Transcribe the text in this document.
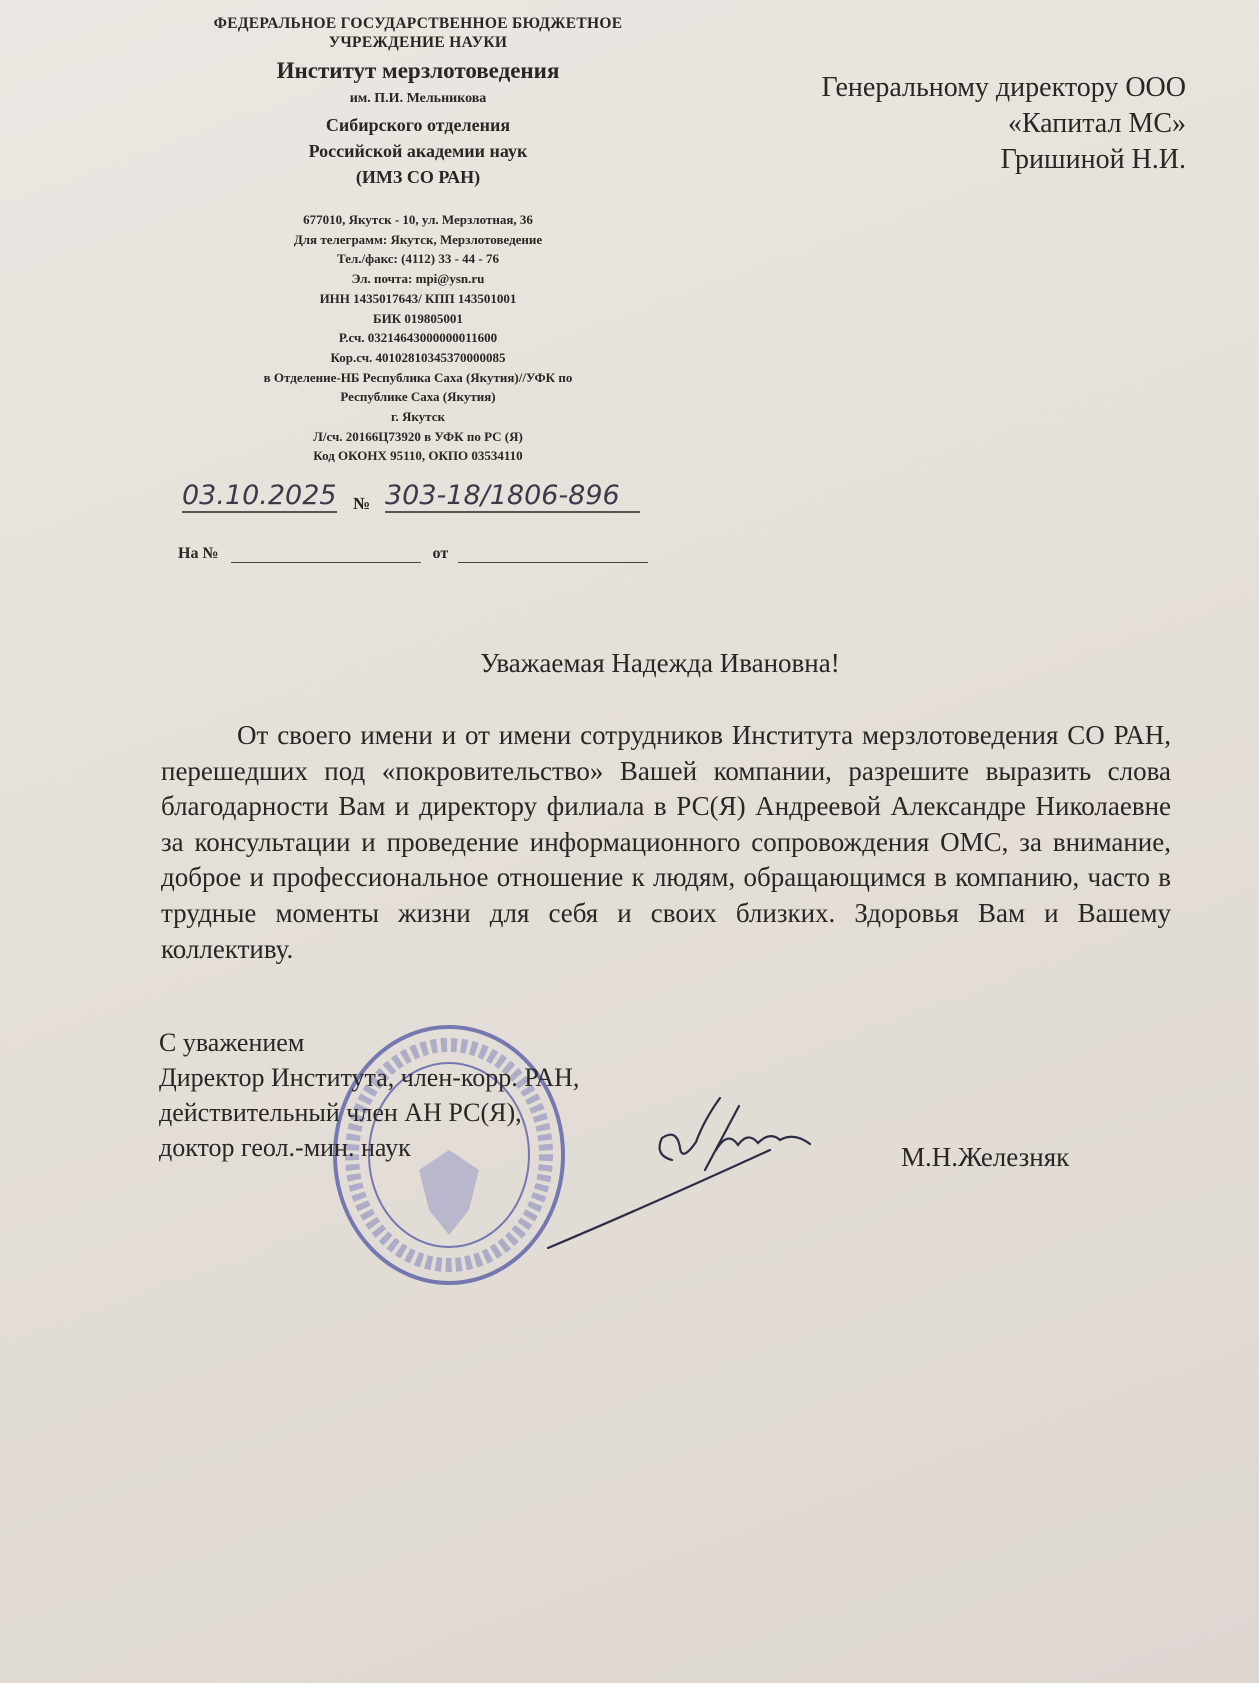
ФЕДЕРАЛЬНОЕ ГОСУДАРСТВЕННОЕ БЮДЖЕТНОЕ
УЧРЕЖДЕНИЕ НАУКИ
Институт мерзлотоведения
им. П.И. Мельникова
Сибирского отделения
Российской академии наук
(ИМЗ СО РАН)
677010, Якутск - 10, ул. Мерзлотная, 36
Для телеграмм: Якутск, Мерзлотоведение
Тел./факс: (4112) 33 - 44 - 76
Эл. почта: mpi@ysn.ru
ИНН 1435017643/ КПП 143501001
БИК 019805001
Р.сч. 03214643000000011600
Кор.сч. 40102810345370000085
в Отделение-НБ Республика Саха (Якутия)//УФК по
Республике Саха (Якутия)
г. Якутск
Л/сч. 20166Ц73920 в УФК по РС (Я)
Код ОКОНХ 95110, ОКПО 03534110
03.10.2025 № 303-18/1806-896
На №	от
Генеральному директору ООО
«Капитал МС»
Гришиной Н.И.
Уважаемая Надежда Ивановна!
От своего имени и от имени сотрудников Института мерзлотоведения СО РАН, перешедших под «покровительство» Вашей компании, разрешите выразить слова благодарности Вам и директору филиала в РС(Я) Андреевой Александре Николаевне за консультации и проведение информационного сопровождения ОМС, за внимание, доброе и профессиональное отношение к людям, обращающимся в компанию, часто в трудные моменты жизни для себя и своих близких. Здоровья Вам и Вашему коллективу.
С уважением
Директор Института, член-корр. РАН,
действительный член АН РС(Я),
доктор геол.-мин. наук	М.Н.Железняк
